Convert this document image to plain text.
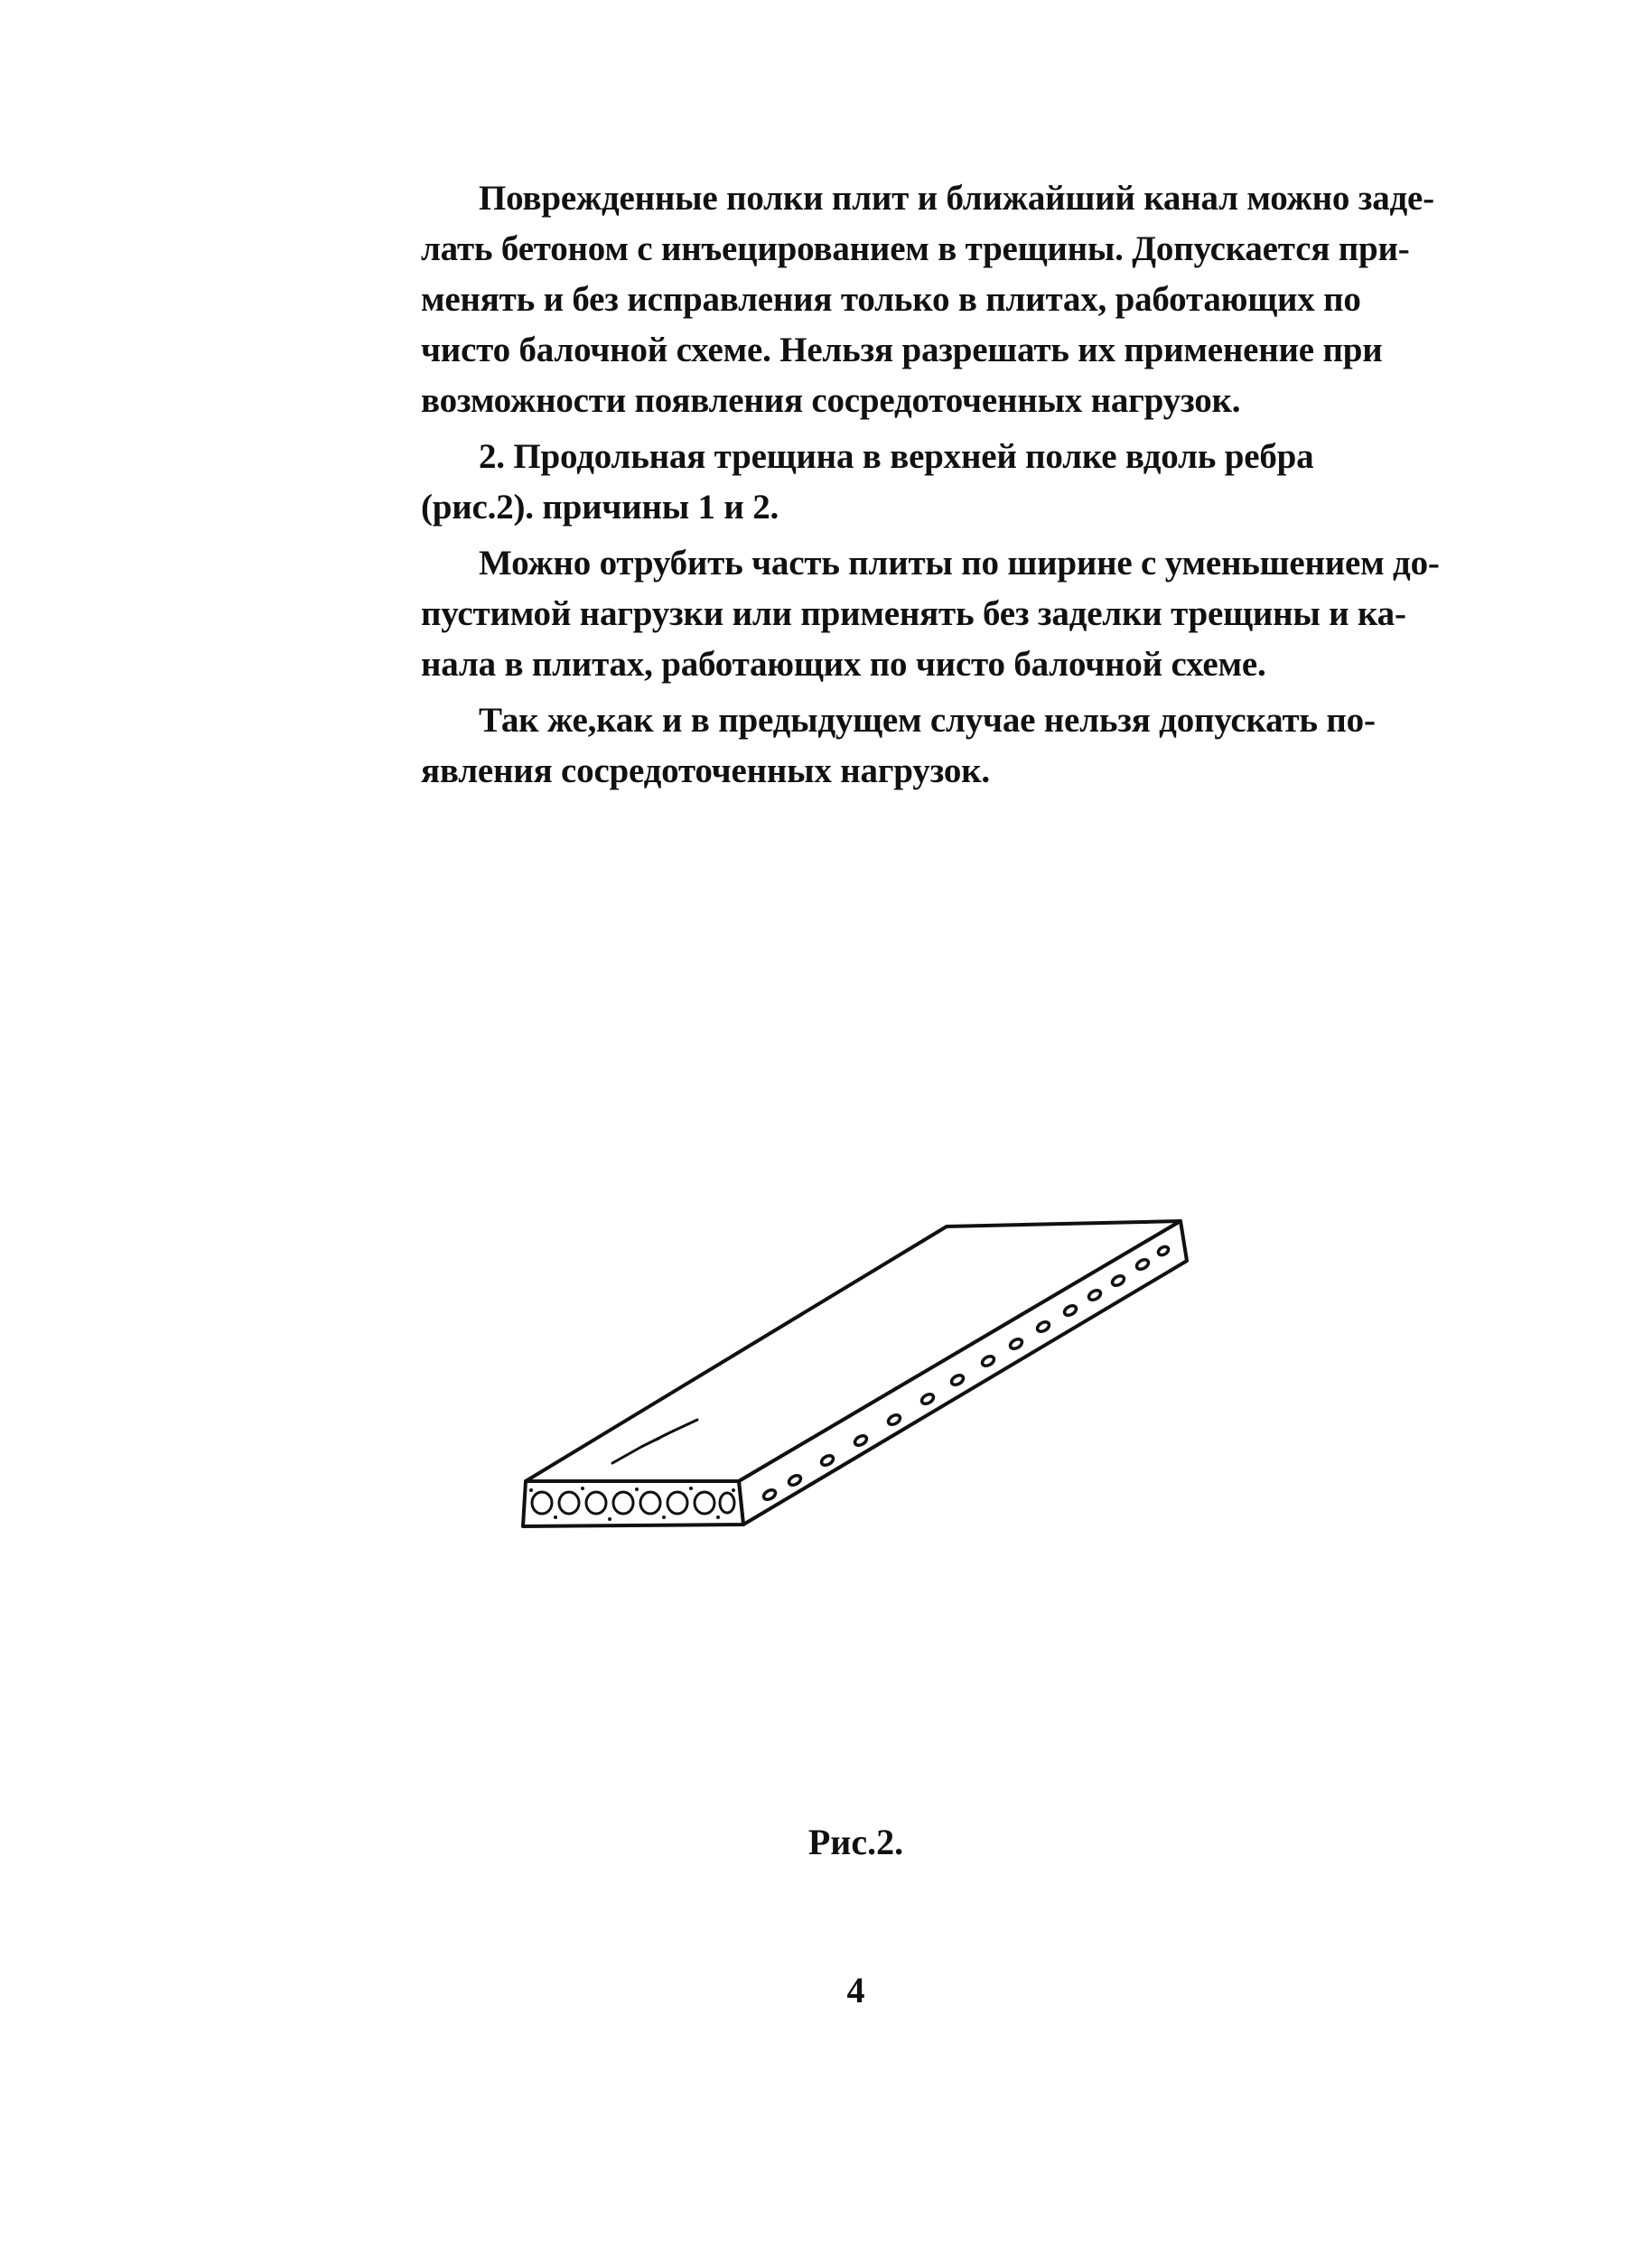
Поврежденные полки плит и ближайший канал можно заде-
лать бетоном с инъецированием в трещины. Допускается при-
менять и без исправления только в плитах, работающих по
чисто балочной схеме. Нельзя разрешать их применение при
возможности появления сосредоточенных нагрузок.
2. Продольная трещина в верхней полке вдоль ребра
(рис.2). причины 1 и 2.
Можно отрубить часть плиты по ширине с уменьшением до-
пустимой нагрузки или применять без заделки трещины и ка-
нала в плитах, работающих по чисто балочной схеме.
Так же,как и в предыдущем случае нельзя допускать по-
явления сосредоточенных нагрузок.
Рис.2.
4
